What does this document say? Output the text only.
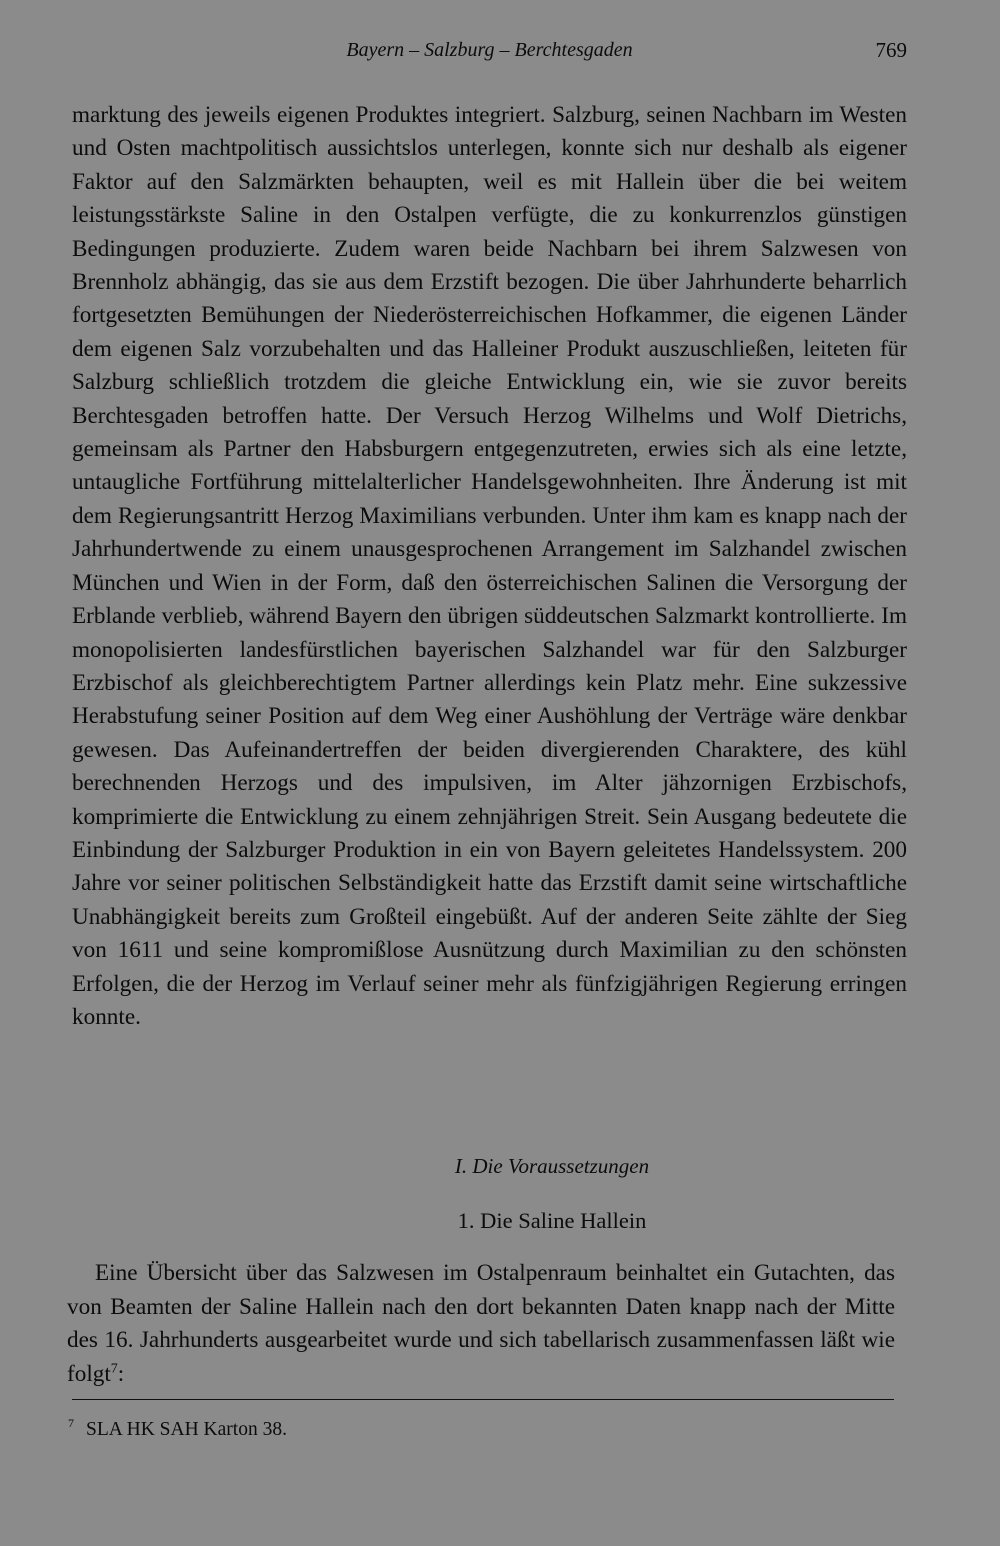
Bayern – Salzburg – Berchtesgaden	769

marktung des jeweils eigenen Produktes integriert. Salzburg, seinen Nachbarn im Westen und Osten machtpolitisch aussichtslos unterlegen, konnte sich nur deshalb als eigener Faktor auf den Salzmärkten behaupten, weil es mit Hallein über die bei weitem leistungsstärkste Saline in den Ostalpen verfügte, die zu konkurrenzlos günstigen Bedingungen produzierte. Zudem waren beide Nachbarn bei ihrem Salzwesen von Brennholz abhängig, das sie aus dem Erzstift bezogen. Die über Jahrhunderte beharrlich fortgesetzten Bemühungen der Niederösterreichischen Hofkammer, die eigenen Länder dem eigenen Salz vorzubehalten und das Halleiner Produkt auszuschließen, leiteten für Salzburg schließlich trotzdem die gleiche Entwicklung ein, wie sie zuvor bereits Berchtesgaden betroffen hatte. Der Versuch Herzog Wilhelms und Wolf Dietrichs, gemeinsam als Partner den Habsburgern entgegenzutreten, erwies sich als eine letzte, untaugliche Fortführung mittelalterlicher Handelsgewohnheiten. Ihre Änderung ist mit dem Regierungsantritt Herzog Maximilians verbunden. Unter ihm kam es knapp nach der Jahrhundertwende zu einem unausgesprochenen Arrangement im Salzhandel zwischen München und Wien in der Form, daß den österreichischen Salinen die Versorgung der Erblande verblieb, während Bayern den übrigen süddeutschen Salzmarkt kontrollierte. Im monopolisierten landesfürstlichen bayerischen Salzhandel war für den Salzburger Erzbischof als gleichberechtigtem Partner allerdings kein Platz mehr. Eine sukzessive Herabstufung seiner Position auf dem Weg einer Aushöhlung der Verträge wäre denkbar gewesen. Das Aufeinandertreffen der beiden divergierenden Charaktere, des kühl berechnenden Herzogs und des impulsiven, im Alter jähzornigen Erzbischofs, komprimierte die Entwicklung zu einem zehnjährigen Streit. Sein Ausgang bedeutete die Einbindung der Salzburger Produktion in ein von Bayern geleitetes Handelssystem. 200 Jahre vor seiner politischen Selbständigkeit hatte das Erzstift damit seine wirtschaftliche Unabhängigkeit bereits zum Großteil eingebüßt. Auf der anderen Seite zählte der Sieg von 1611 und seine kompromißlose Ausnützung durch Maximilian zu den schönsten Erfolgen, die der Herzog im Verlauf seiner mehr als fünfzigjährigen Regierung erringen konnte.

I. Die Voraussetzungen
1. Die Saline Hallein

Eine Übersicht über das Salzwesen im Ostalpenraum beinhaltet ein Gutachten, das von Beamten der Saline Hallein nach den dort bekannten Daten knapp nach der Mitte des 16. Jahrhunderts ausgearbeitet wurde und sich tabellarisch zusammenfassen läßt wie folgt$^7$:

$^7$ SLA HK SAH Karton 38.
